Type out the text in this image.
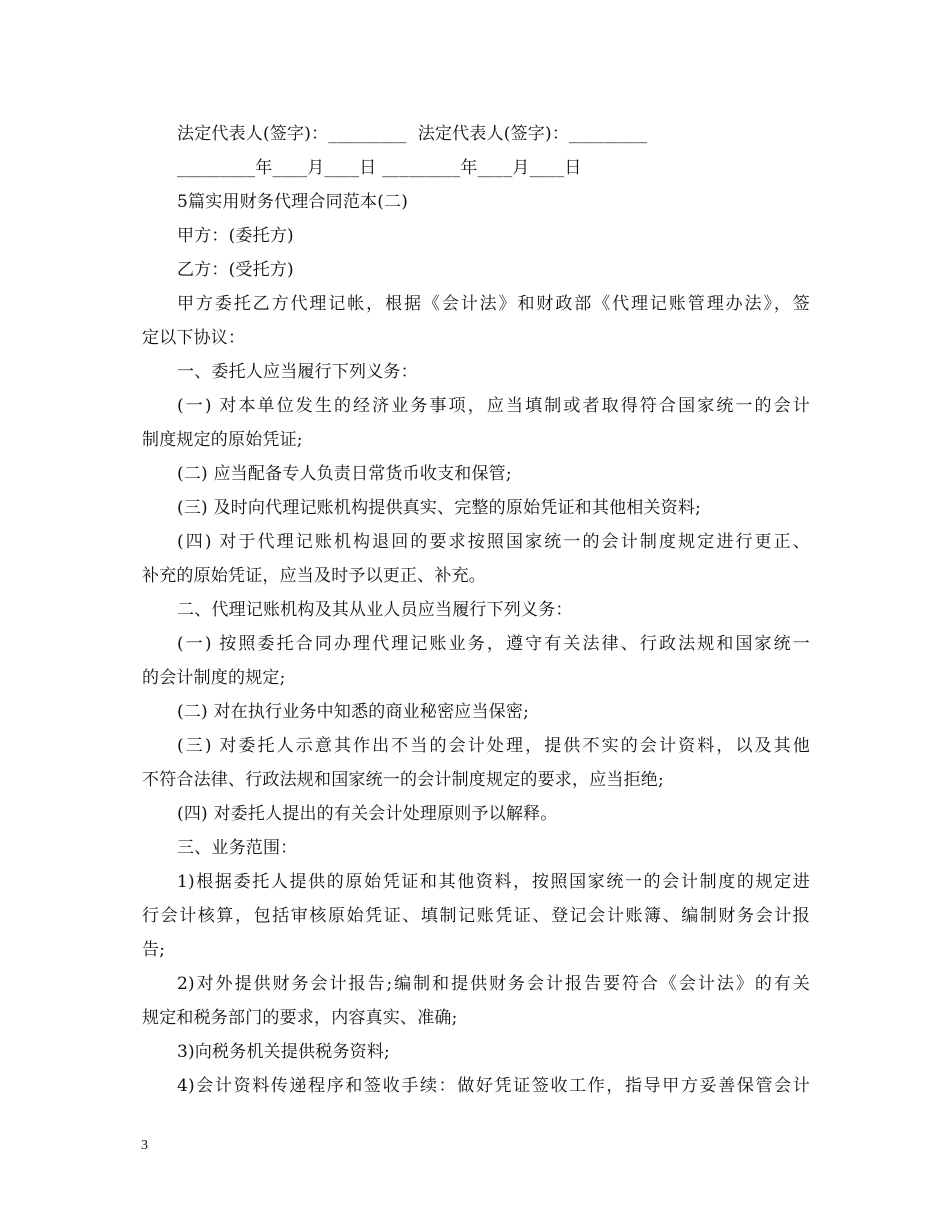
法定代表人(签字)：_________  法定代表人(签字)：_________
_________年____月____日 _________年____月____日
5篇实用财务代理合同范本(二)
甲方：(委托方)
乙方：(受托方)
甲方委托乙方代理记帐，根据《会计法》和财政部《代理记账管理办法》，签
定以下协议：
一、委托人应当履行下列义务：
(一) 对本单位发生的经济业务事项，应当填制或者取得符合国家统一的会计
制度规定的原始凭证;
(二) 应当配备专人负责日常货币收支和保管;
(三) 及时向代理记账机构提供真实、完整的原始凭证和其他相关资料;
(四) 对于代理记账机构退回的要求按照国家统一的会计制度规定进行更正、
补充的原始凭证，应当及时予以更正、补充。
二、代理记账机构及其从业人员应当履行下列义务：
(一) 按照委托合同办理代理记账业务，遵守有关法律、行政法规和国家统一
的会计制度的规定;
(二) 对在执行业务中知悉的商业秘密应当保密;
(三) 对委托人示意其作出不当的会计处理，提供不实的会计资料，以及其他
不符合法律、行政法规和国家统一的会计制度规定的要求，应当拒绝;
(四) 对委托人提出的有关会计处理原则予以解释。
三、业务范围：
1)根据委托人提供的原始凭证和其他资料，按照国家统一的会计制度的规定进
行会计核算，包括审核原始凭证、填制记账凭证、登记会计账簿、编制财务会计报
告;
2)对外提供财务会计报告;编制和提供财务会计报告要符合《会计法》的有关
规定和税务部门的要求，内容真实、准确;
3)向税务机关提供税务资料;
4)会计资料传递程序和签收手续：做好凭证签收工作，指导甲方妥善保管会计
3
